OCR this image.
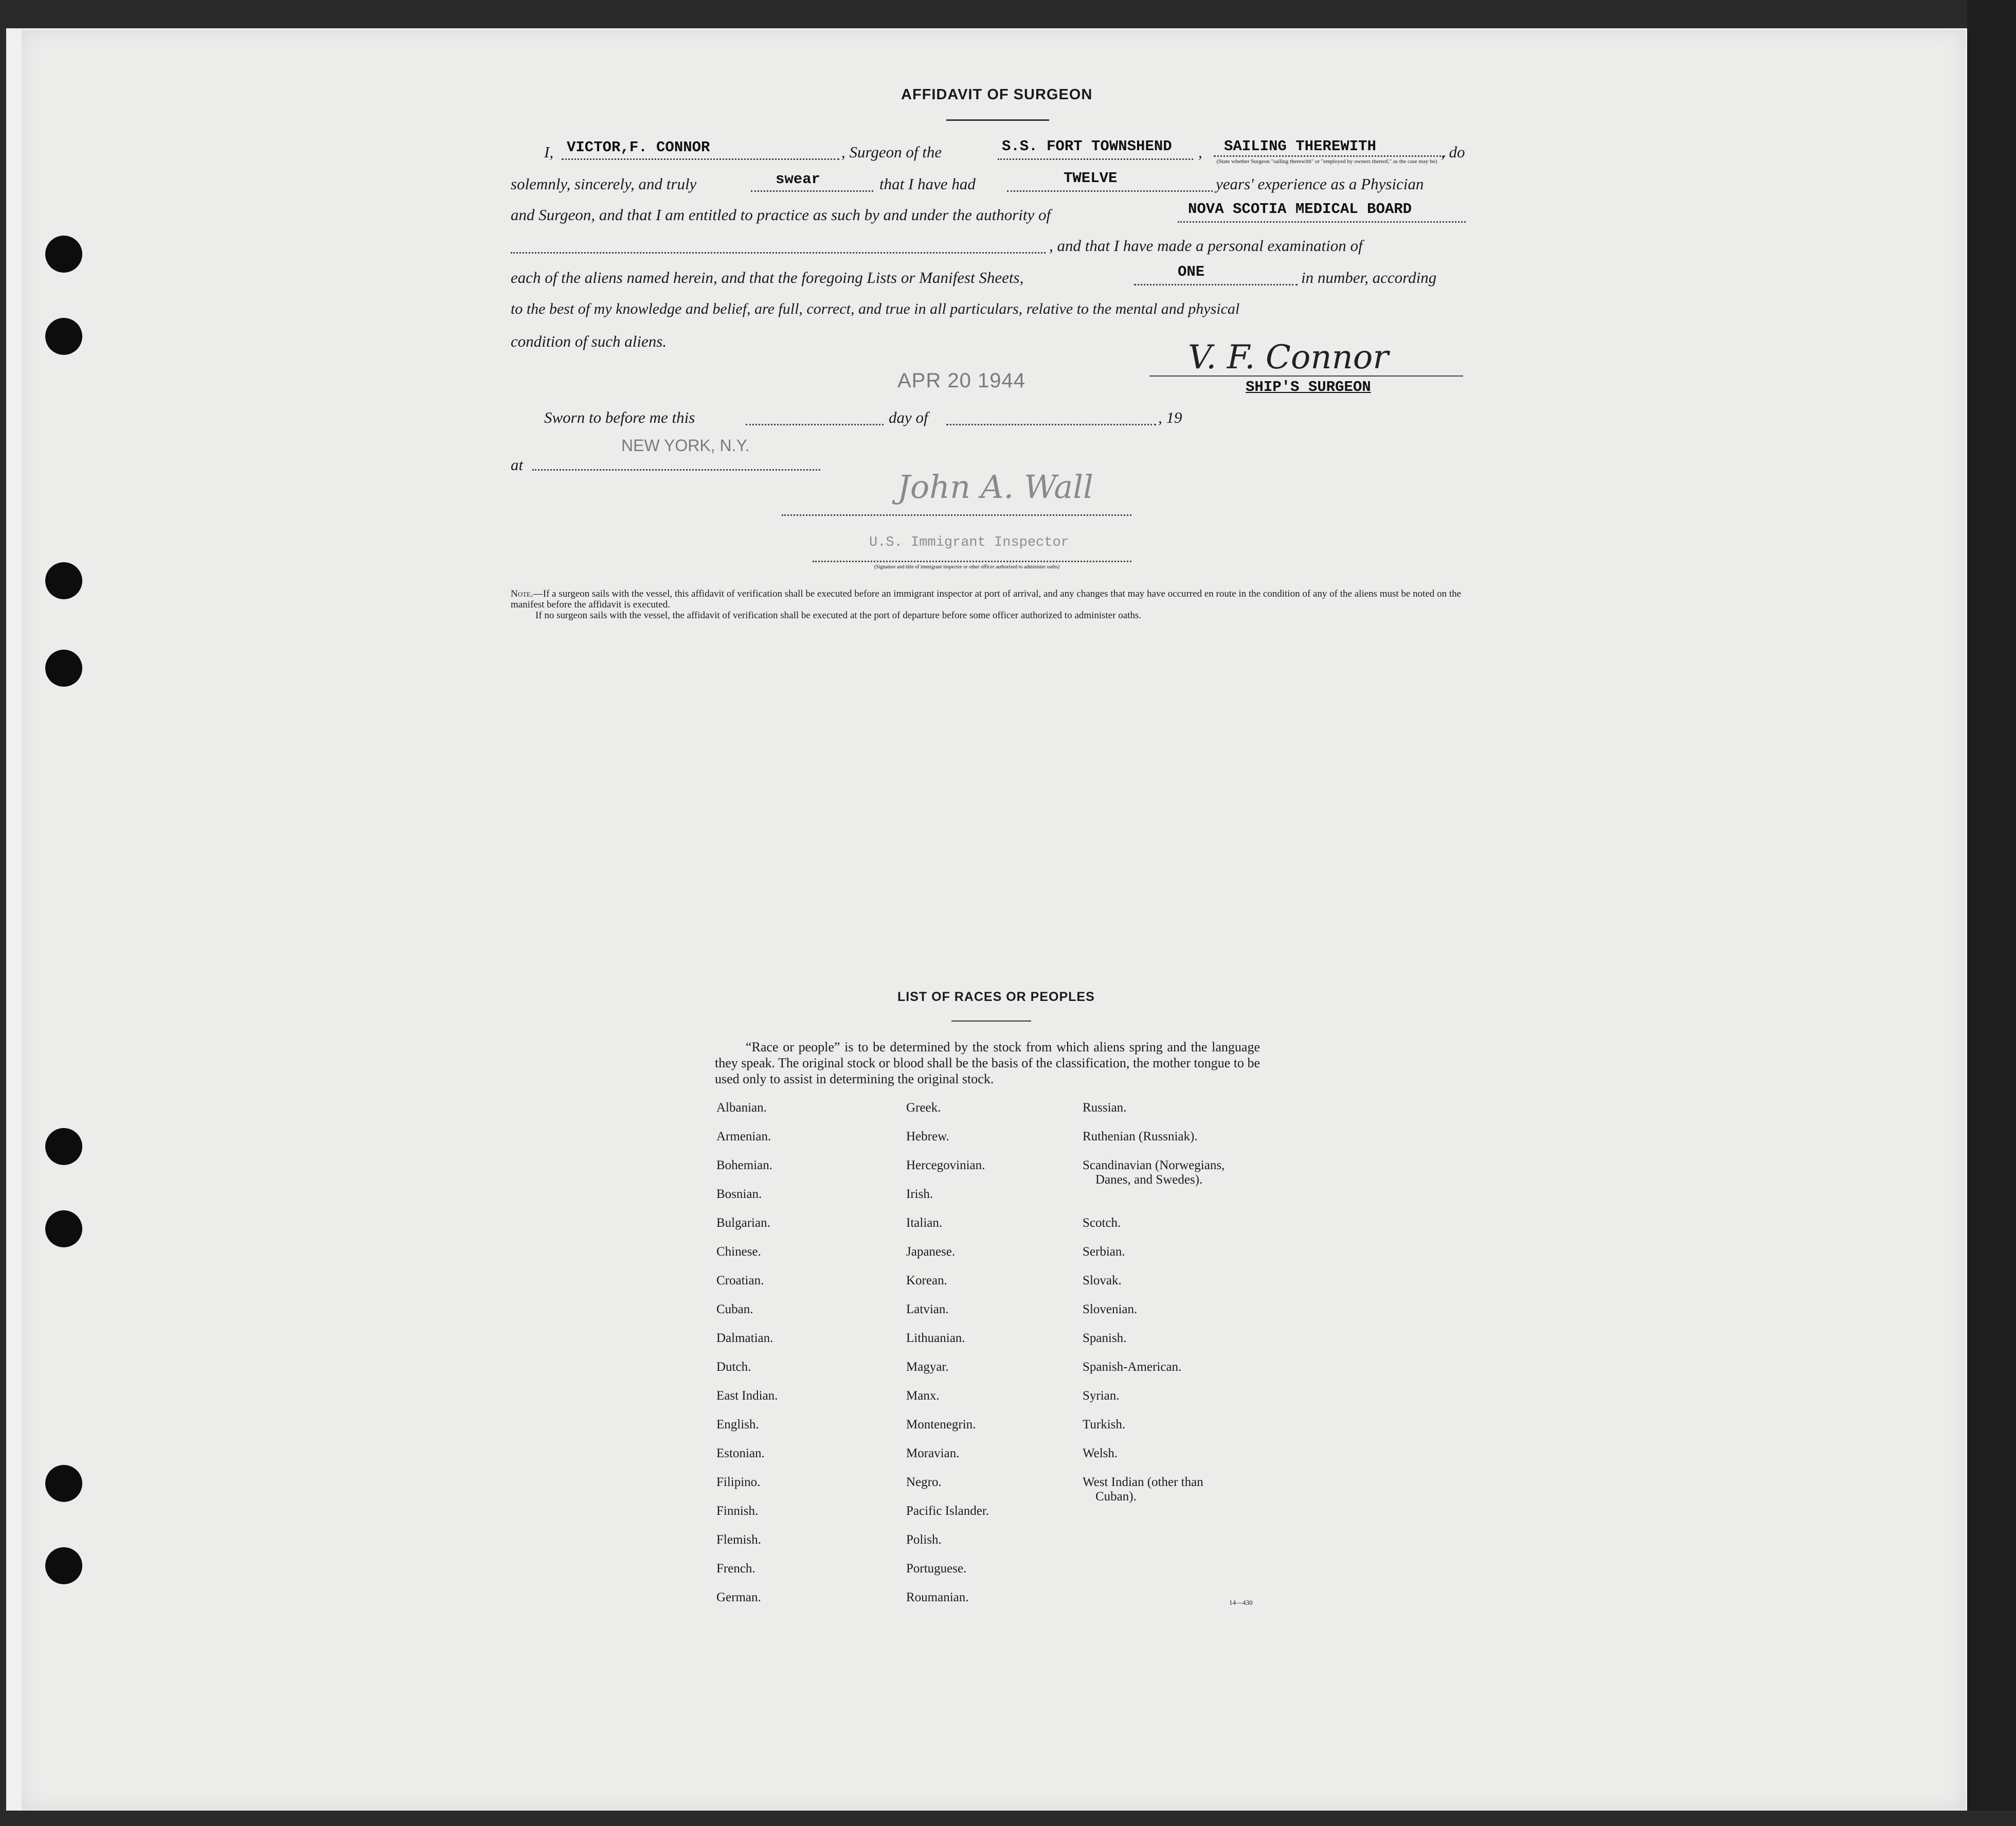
AFFIDAVIT OF SURGEON
I, VICTOR,F. CONNOR	, Surgeon of the	S.S. FORT TOWNSHEND , SAILING THEREWITH
(State whether Surgeon "sailing therewith" or "employed by owners thereof," as the case may be)
, do
solemnly, sincerely, and truly	swear	that I have had	TWELVE	years' experience as a Physician
and Surgeon, and that I am entitled to practice as such by and under the authority of	NOVA SCOTIA MEDICAL BOARD
, and that I have made a personal examination of
each of the aliens named herein, and that the foregoing Lists or Manifest Sheets,	ONE	in number, according
to the best of my knowledge and belief, are full, correct, and true in all particulars, relative to the mental and physical
condition of such aliens.	V. F. Connor
SHIP'S SURGEON
APR 20 1944
Sworn to before me this	day of	, 19
at
NEW YORK, N.Y.
John A. Wall
U.S. Immigrant Inspector
(Signature and title of immigrant inspector or other officer authorized to administer oaths)
Note.—If a surgeon sails with the vessel, this affidavit of verification shall be executed before an immigrant inspector at port of arrival, and any changes that may have occurred en route in the condition of any of the aliens must be noted on the manifest before the affidavit is executed.
If no surgeon sails with the vessel, the affidavit of verification shall be executed at the port of departure before some officer authorized to administer oaths.
LIST OF RACES OR PEOPLES
“Race or people” is to be determined by the stock from which aliens spring and the language they speak. The original stock or blood shall be the basis of the classification, the mother tongue to be used only to assist in determining the original stock.
Albanian.
Armenian.
Bohemian.
Bosnian.
Bulgarian.
Chinese.
Croatian.
Cuban.
Dalmatian.
Dutch.
East Indian.
English.
Estonian.
Filipino.
Finnish.
Flemish.
French.
German.
Greek.
Hebrew.
Hercegovinian.
Irish.
Italian.
Japanese.
Korean.
Latvian.
Lithuanian.
Magyar.
Manx.
Montenegrin.
Moravian.
Negro.
Pacific Islander.
Polish.
Portuguese.
Roumanian.
Russian.
Ruthenian (Russniak).
Scandinavian (Norwegians,
Danes, and Swedes).
Scotch.
Serbian.
Slovak.
Slovenian.
Spanish.
Spanish-American.
Syrian.
Turkish.
Welsh.
West Indian (other than
Cuban).
14—430
